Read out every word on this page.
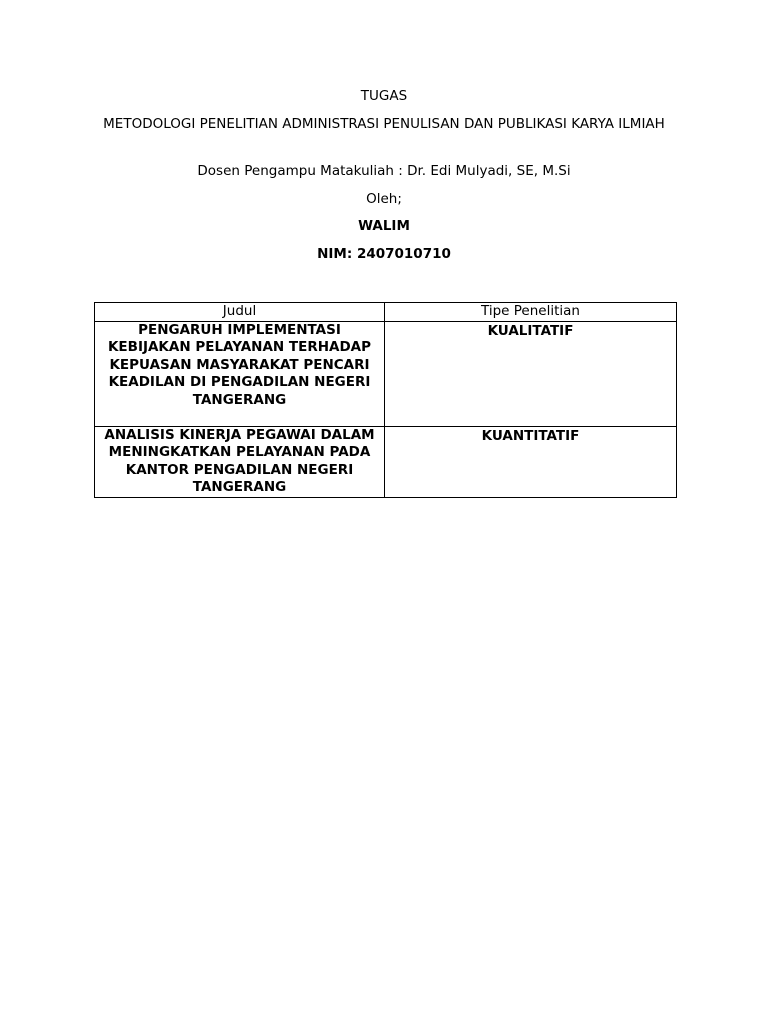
TUGAS
METODOLOGI PENELITIAN ADMINISTRASI PENULISAN DAN PUBLIKASI KARYA ILMIAH
Dosen Pengampu Matakuliah : Dr. Edi Mulyadi, SE, M.Si
Oleh;
WALIM
NIM: 2407010710
Judul	Tipe Penelitian

PENGARUH IMPLEMENTASI KEBIJAKAN PELAYANAN TERHADAP KEPUASAN MASYARAKAT PENCARI KEADILAN DI PENGADILAN NEGERI TANGERANG	KUALITATIF

ANALISIS KINERJA PEGAWAI DALAM MENINGKATKAN PELAYANAN PADA KANTOR PENGADILAN NEGERI TANGERANG	KUANTITATIF
